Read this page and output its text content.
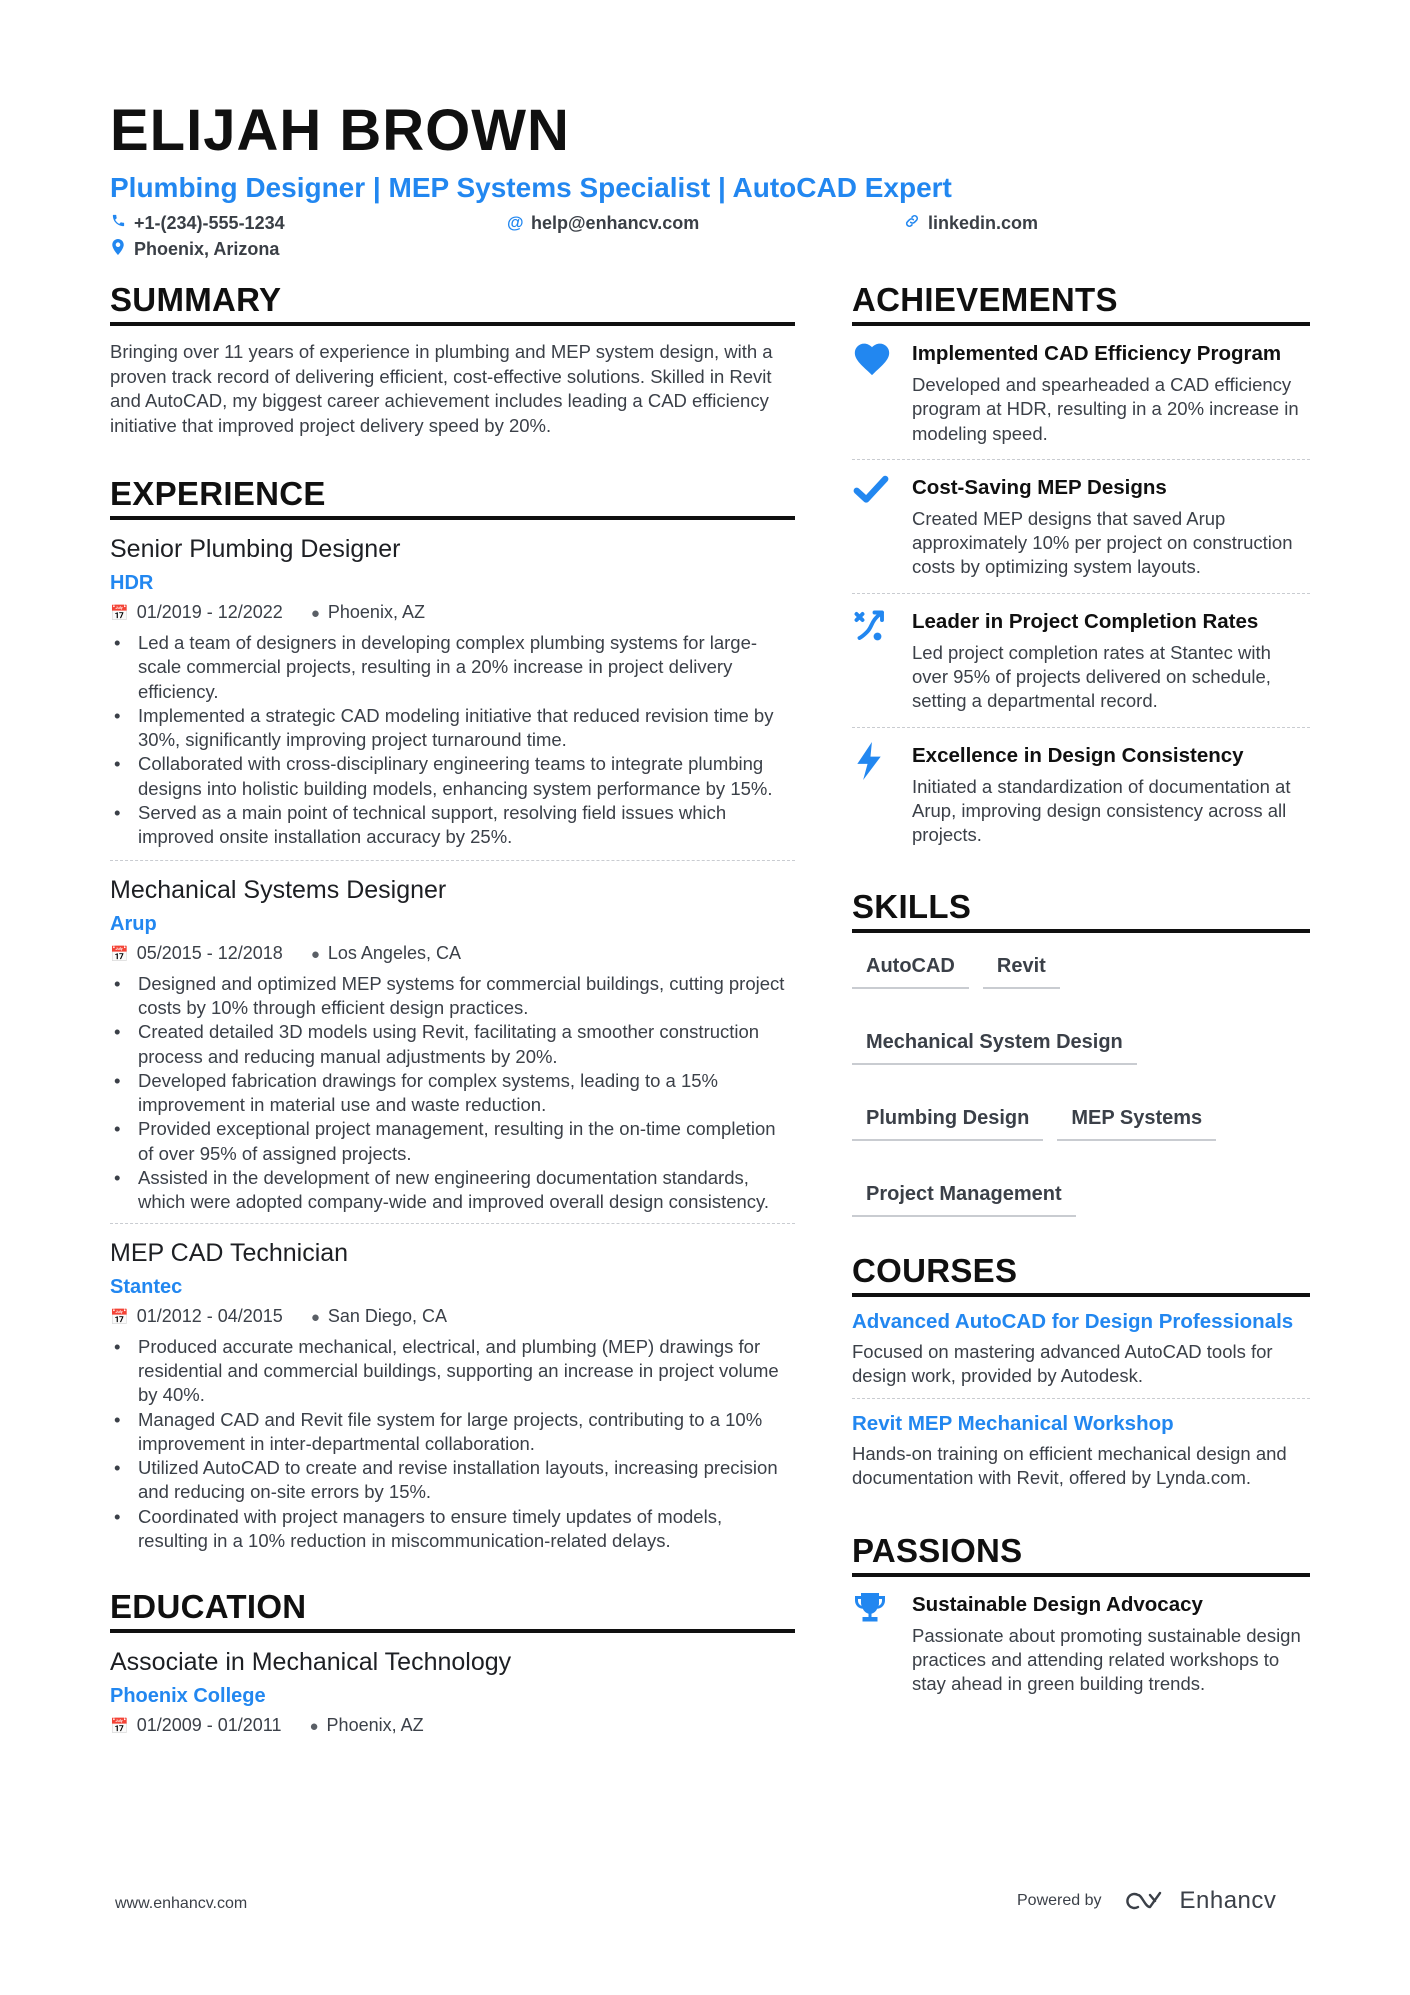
ELIJAH BROWN
Plumbing Designer | MEP Systems Specialist | AutoCAD Expert
+1-(234)-555-1234	@ help@enhancv.com	linkedin.com
Phoenix, Arizona
SUMMARY
Bringing over 11 years of experience in plumbing and MEP system design, with a proven track record of delivering efficient, cost-effective solutions. Skilled in Revit and AutoCAD, my biggest career achievement includes leading a CAD efficiency initiative that improved project delivery speed by 20%.
EXPERIENCE
Senior Plumbing Designer
HDR
📅 01/2019 - 12/2022 ● Phoenix, AZ
• Led a team of designers in developing complex plumbing systems for large-scale commercial projects, resulting in a 20% increase in project delivery efficiency.
• Implemented a strategic CAD modeling initiative that reduced revision time by 30%, significantly improving project turnaround time.
• Collaborated with cross-disciplinary engineering teams to integrate plumbing designs into holistic building models, enhancing system performance by 15%.
• Served as a main point of technical support, resolving field issues which improved onsite installation accuracy by 25%.
Mechanical Systems Designer
Arup
📅 05/2015 - 12/2018 ● Los Angeles, CA
• Designed and optimized MEP systems for commercial buildings, cutting project costs by 10% through efficient design practices.
• Created detailed 3D models using Revit, facilitating a smoother construction process and reducing manual adjustments by 20%.
• Developed fabrication drawings for complex systems, leading to a 15% improvement in material use and waste reduction.
• Provided exceptional project management, resulting in the on-time completion of over 95% of assigned projects.
• Assisted in the development of new engineering documentation standards, which were adopted company-wide and improved overall design consistency.
MEP CAD Technician
Stantec
📅 01/2012 - 04/2015 ● San Diego, CA
• Produced accurate mechanical, electrical, and plumbing (MEP) drawings for residential and commercial buildings, supporting an increase in project volume by 40%.
• Managed CAD and Revit file system for large projects, contributing to a 10% improvement in inter-departmental collaboration.
• Utilized AutoCAD to create and revise installation layouts, increasing precision and reducing on-site errors by 15%.
• Coordinated with project managers to ensure timely updates of models, resulting in a 10% reduction in miscommunication-related delays.
EDUCATION
Associate in Mechanical Technology
Phoenix College
📅 01/2009 - 01/2011 ● Phoenix, AZ
ACHIEVEMENTS
Implemented CAD Efficiency Program
Developed and spearheaded a CAD efficiency program at HDR, resulting in a 20% increase in modeling speed.
Cost-Saving MEP Designs
Created MEP designs that saved Arup approximately 10% per project on construction costs by optimizing system layouts.
Leader in Project Completion Rates
Led project completion rates at Stantec with over 95% of projects delivered on schedule, setting a departmental record.
Excellence in Design Consistency
Initiated a standardization of documentation at Arup, improving design consistency across all projects.
SKILLS
AutoCAD	Revit
Mechanical System Design
Plumbing Design	MEP Systems
Project Management
COURSES
Advanced AutoCAD for Design Professionals
Focused on mastering advanced AutoCAD tools for design work, provided by Autodesk.
Revit MEP Mechanical Workshop
Hands-on training on efficient mechanical design and documentation with Revit, offered by Lynda.com.
PASSIONS
Sustainable Design Advocacy
Passionate about promoting sustainable design practices and attending related workshops to stay ahead in green building trends.
www.enhancv.com	Powered by	Enhancv
